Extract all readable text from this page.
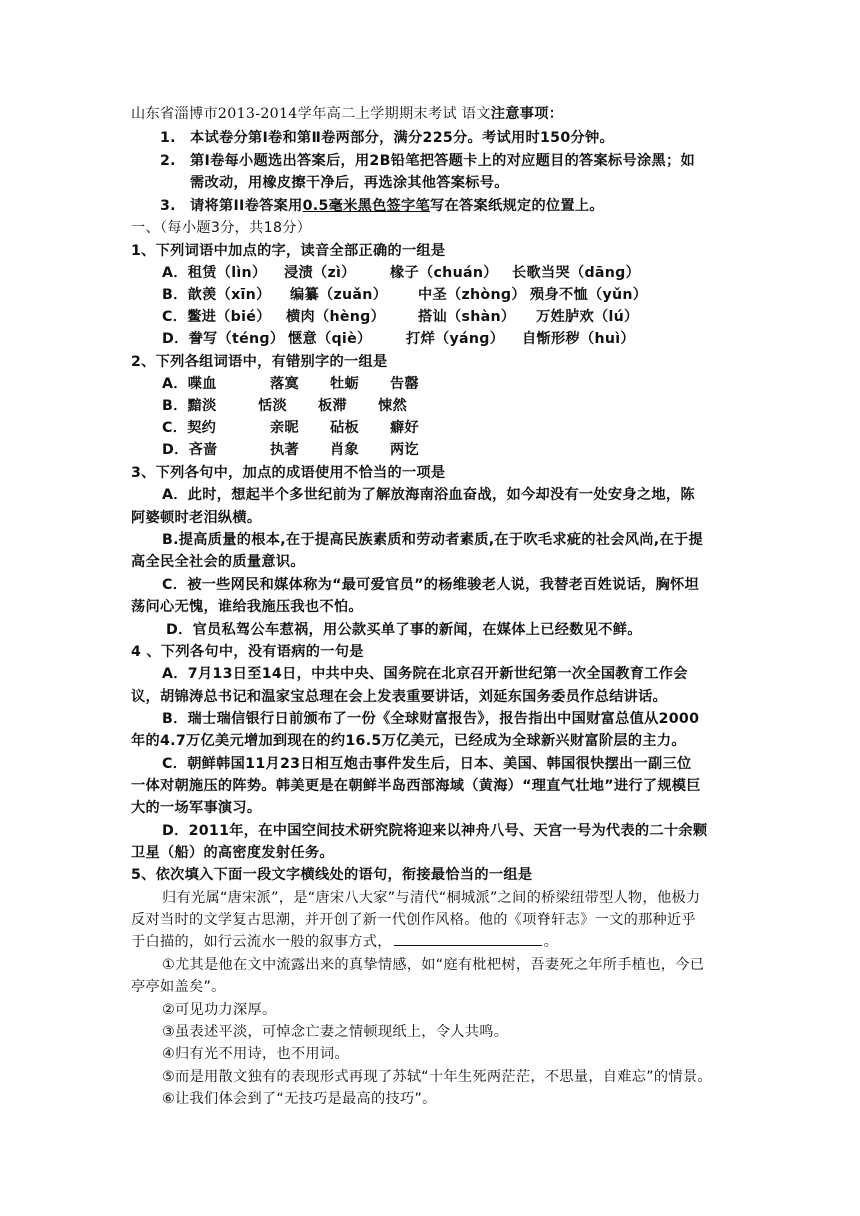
山东省淄博市2013-2014学年高二上学期期末考试 语文注意事项：
1. 本试卷分第Ⅰ卷和第Ⅱ卷两部分，满分225分。考试用时150分钟。
2. 第Ⅰ卷每小题选出答案后，用2B铅笔把答题卡上的对应题目的答案标号涂黑；如
需改动，用橡皮擦干净后，再选涂其他答案标号。
3. 请将第II卷答案用0.5毫米黑色签字笔写在答案纸规定的位置上。
一、（每小题3分，共18分）
1、下列词语中加点的字，读音全部正确的一组是
A．租赁（lìn） 浸渍（zì） 椽子（chuán） 长歌当哭（dānɡ）
B．歆羡（xīn） 编纂（zuǎn） 中圣（zhònɡ） 殒身不恤（yǔn）
C．鳖进（bié） 横肉（hènɡ） 搭讪（shàn） 万姓胪欢（lú）
D．誊写（ténɡ） 惬意（qiè） 打烊（yánɡ） 自惭形秽（huì）
2、下列各组词语中，有错别字的一组是
A．喋血	落寞 牡蛎 告罄
B．黯淡	恬淡 板滞 悚然
C．契约	亲昵 砧板 癖好
D．吝啬	执著 肖象 两讫
3、下列各句中，加点的成语使用不恰当的一项是
A．此时，想起半个多世纪前为了解放海南浴血奋战，如今却没有一处安身之地，陈
阿婆顿时老泪纵横。
B.提高质量的根本,在于提高民族素质和劳动者素质,在于吹毛求疵的社会风尚,在于提
高全民全社会的质量意识。
C．被一些网民和媒体称为“最可爱官员”的杨维骏老人说，我替老百姓说话，胸怀坦
荡问心无愧，谁给我施压我也不怕。
D．官员私驾公车惹祸，用公款买单了事的新闻，在媒体上已经数见不鲜。
4 、下列各句中，没有语病的一句是
A．7月13日至14日，中共中央、国务院在北京召开新世纪第一次全国教育工作会
议，胡锦涛总书记和温家宝总理在会上发表重要讲话，刘延东国务委员作总结讲话。
B．瑞士瑞信银行日前颁布了一份《全球财富报告》，报告指出中国财富总值从2000
年的4.7万亿美元增加到现在的约16.5万亿美元，已经成为全球新兴财富阶层的主力。
C．朝鲜韩国11月23日相互炮击事件发生后，日本、美国、韩国很快摆出一副三位
一体对朝施压的阵势。韩美更是在朝鲜半岛西部海域（黄海）“理直气壮地”进行了规模巨
大的一场军事演习。
D．2011年，在中国空间技术研究院将迎来以神舟八号、天宫一号为代表的二十余颗
卫星（船）的高密度发射任务。
5、依次填入下面一段文字横线处的语句，衔接最恰当的一组是
归有光属“唐宋派”，是“唐宋八大家”与清代“桐城派”之间的桥梁纽带型人物，他极力
反对当时的文学复古思潮，并开创了新一代创作风格。他的《项脊轩志》一文的那种近乎
于白描的，如行云流水一般的叙事方式，	。
①尤其是他在文中流露出来的真挚情感，如“庭有枇杷树，吾妻死之年所手植也，今已
亭亭如盖矣”。
②可见功力深厚。
③虽表述平淡，可悼念亡妻之情顿现纸上，令人共鸣。
④归有光不用诗，也不用词。
⑤而是用散文独有的表现形式再现了苏轼“十年生死两茫茫，不思量，自难忘”的情景。
⑥让我们体会到了“无技巧是最高的技巧”。
